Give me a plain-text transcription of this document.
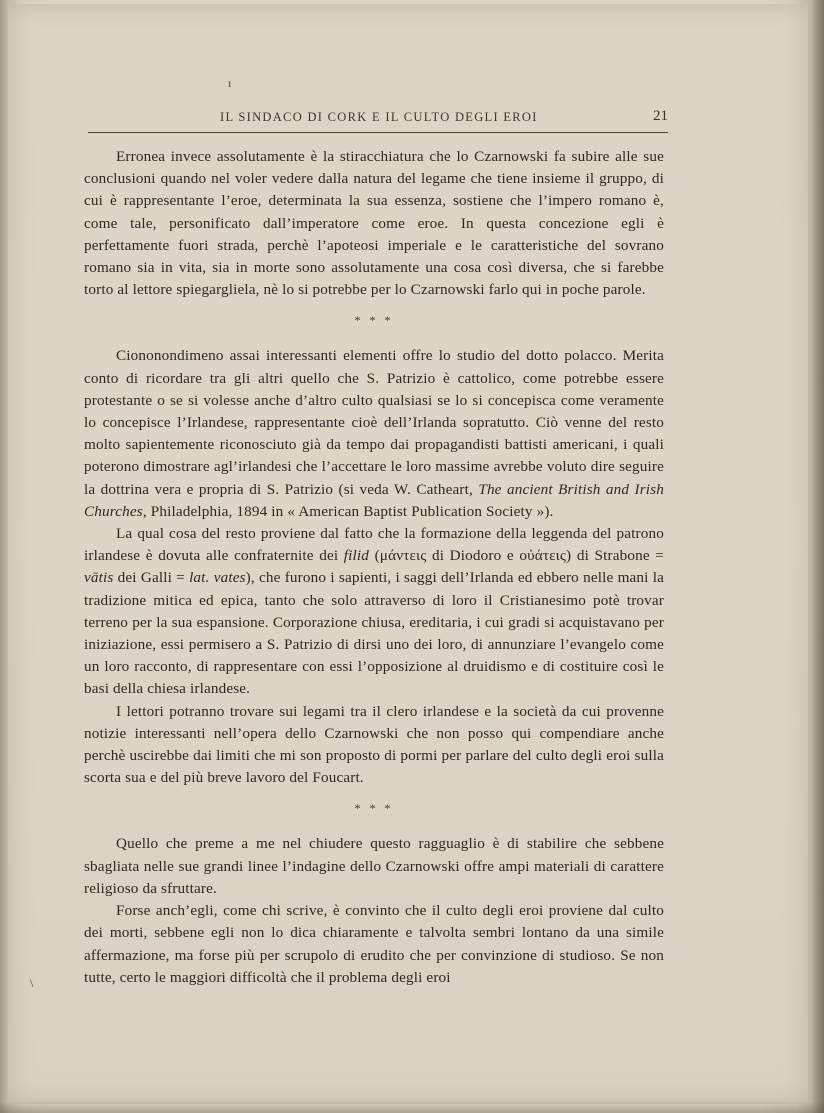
ı
\
IL SINDACO DI CORK E IL CULTO DEGLI EROI	21

Erronea invece assolutamente è la stiracchiatura che lo Czarnowski fa subire alle sue conclusioni quando nel voler vedere dalla natura del legame che tiene insieme il gruppo, di cui è rappresentante l’eroe, determinata la sua essenza, sostiene che l’impero romano è, come tale, personificato dall’imperatore come eroe. In questa concezione egli è perfettamente fuori strada, perchè l’apoteosi imperiale e le caratteristiche del sovrano romano sia in vita, sia in morte sono assolutamente una cosa così diversa, che si farebbe torto al lettore spiegargliela, nè lo si potrebbe per lo Czarnowski farlo qui in poche parole.

* * *

Ciononondimeno assai interessanti elementi offre lo studio del dotto polacco. Merita conto di ricordare tra gli altri quello che S. Patrizio è cattolico, come potrebbe essere protestante o se si volesse anche d’altro culto qualsiasi se lo si concepisca come veramente lo concepisce l’Irlandese, rappresentante cioè dell’Irlanda sopratutto. Ciò venne del resto molto sapientemente riconosciuto già da tempo dai propagandisti battisti americani, i quali poterono dimostrare agl’irlandesi che l’accettare le loro massime avrebbe voluto dire seguire la dottrina vera e propria di S. Patrizio (si veda W. Catheart, The ancient British and Irish Churches, Philadelphia, 1894 in « American Baptist Publication Society »).

La qual cosa del resto proviene dal fatto che la formazione della leggenda del patrono irlandese è dovuta alle confraternite dei filid (μάντεις di Diodoro e οὐάτεις) di Strabone = vātis dei Galli = lat. vates), che furono i sapienti, i saggi dell’Irlanda ed ebbero nelle mani la tradizione mitica ed epica, tanto che solo attraverso di loro il Cristianesimo potè trovar terreno per la sua espansione. Corporazione chiusa, ereditaria, i cui gradi si acquistavano per iniziazione, essi permisero a S. Patrizio di dirsi uno dei loro, di annunziare l’evangelo come un loro racconto, di rappresentare con essi l’opposizione al druidismo e di costituire così le basi della chiesa irlandese.

I lettori potranno trovare sui legami tra il clero irlandese e la società da cui provenne notizie interessanti nell’opera dello Czarnowski che non posso qui compendiare anche perchè uscirebbe dai limiti che mi son proposto di pormi per parlare del culto degli eroi sulla scorta sua e del più breve lavoro del Foucart.

* * *

Quello che preme a me nel chiudere questo ragguaglio è di stabilire che sebbene sbagliata nelle sue grandi linee l’indagine dello Czarnowski offre ampi materiali di carattere religioso da sfruttare.

Forse anch’egli, come chi scrive, è convinto che il culto degli eroi proviene dal culto dei morti, sebbene egli non lo dica chiaramente e talvolta sembri lontano da una simile affermazione, ma forse più per scrupolo di erudito che per convinzione di studioso. Se non tutte, certo le maggiori difficoltà che il problema degli eroi
